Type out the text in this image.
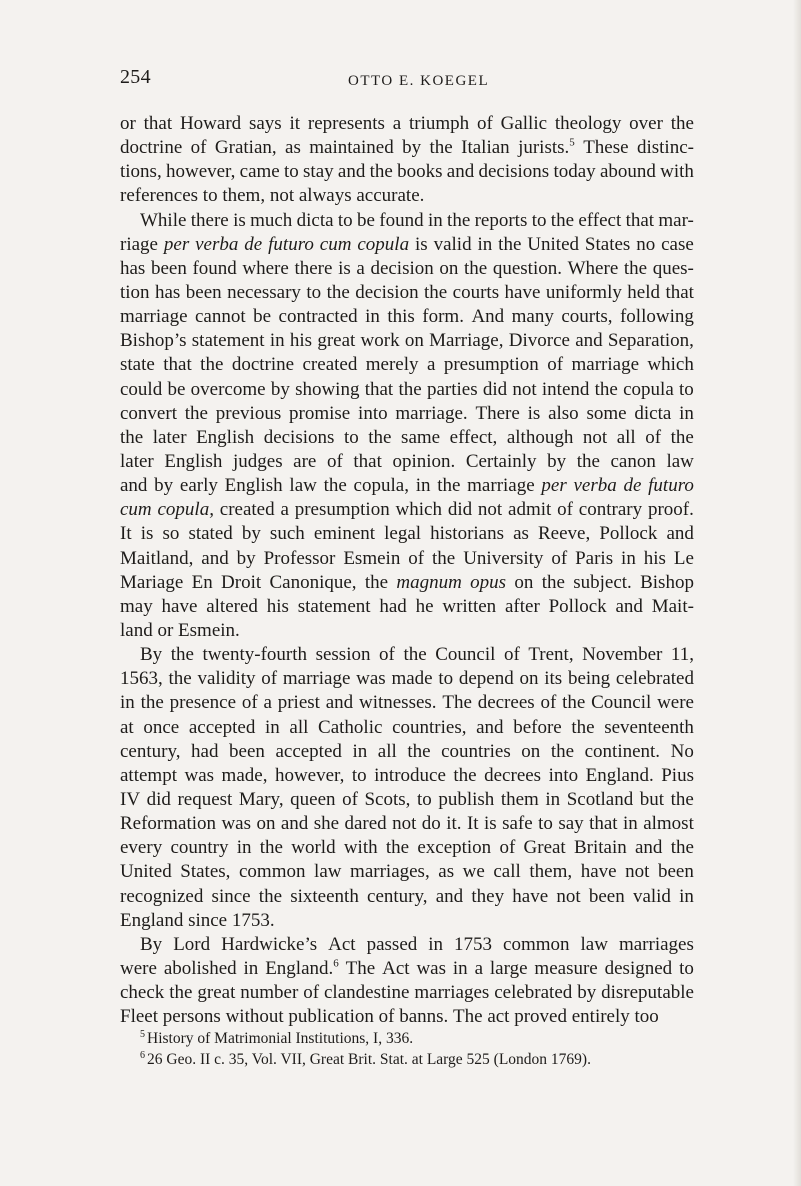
254	OTTO E. KOEGEL
or that Howard says it represents a triumph of Gallic theology over the
doctrine of Gratian, as maintained by the Italian jurists.$^5$ These distinc-
tions, however, came to stay and the books and decisions today abound with
references to them, not always accurate.
While there is much dicta to be found in the reports to the effect that mar-
riage per verba de futuro cum copula is valid in the United States no case
has been found where there is a decision on the question. Where the ques-
tion has been necessary to the decision the courts have uniformly held that
marriage cannot be contracted in this form. And many courts, following
Bishop’s statement in his great work on Marriage, Divorce and Separation,
state that the doctrine created merely a presumption of marriage which
could be overcome by showing that the parties did not intend the copula to
convert the previous promise into marriage. There is also some dicta in
the later English decisions to the same effect, although not all of the
later English judges are of that opinion. Certainly by the canon law
and by early English law the copula, in the marriage per verba de futuro
cum copula, created a presumption which did not admit of contrary proof.
It is so stated by such eminent legal historians as Reeve, Pollock and
Maitland, and by Professor Esmein of the University of Paris in his Le
Mariage En Droit Canonique, the magnum opus on the subject. Bishop
may have altered his statement had he written after Pollock and Mait-
land or Esmein.
By the twenty-fourth session of the Council of Trent, November 11,
1563, the validity of marriage was made to depend on its being celebrated
in the presence of a priest and witnesses. The decrees of the Council were
at once accepted in all Catholic countries, and before the seventeenth
century, had been accepted in all the countries on the continent. No
attempt was made, however, to introduce the decrees into England. Pius
IV did request Mary, queen of Scots, to publish them in Scotland but the
Reformation was on and she dared not do it. It is safe to say that in almost
every country in the world with the exception of Great Britain and the
United States, common law marriages, as we call them, have not been
recognized since the sixteenth century, and they have not been valid in
England since 1753.
By Lord Hardwicke’s Act passed in 1753 common law marriages
were abolished in England.$^6$ The Act was in a large measure designed to
check the great number of clandestine marriages celebrated by disreputable
Fleet persons without publication of banns. The act proved entirely too
$^5$ History of Matrimonial Institutions, I, 336.
$^6$ 26 Geo. II c. 35, Vol. VII, Great Brit. Stat. at Large 525 (London 1769).
